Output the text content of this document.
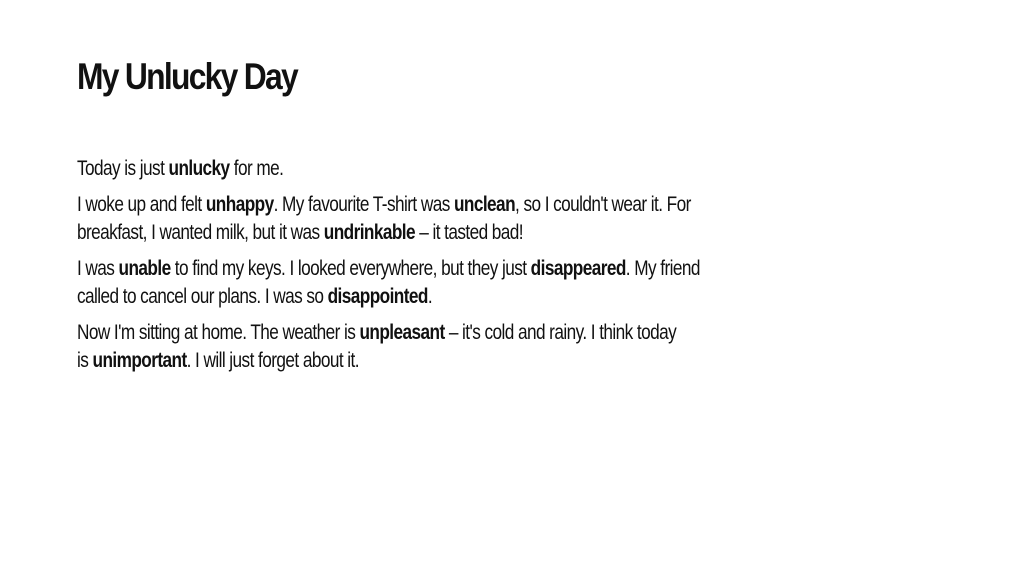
My Unlucky Day

Today is just unlucky for me.

I woke up and felt unhappy. My favourite T-shirt was unclean, so I couldn't wear it. For
breakfast, I wanted milk, but it was undrinkable – it tasted bad!

I was unable to find my keys. I looked everywhere, but they just disappeared. My friend
called to cancel our plans. I was so disappointed.

Now I'm sitting at home. The weather is unpleasant – it's cold and rainy. I think today
is unimportant. I will just forget about it.
